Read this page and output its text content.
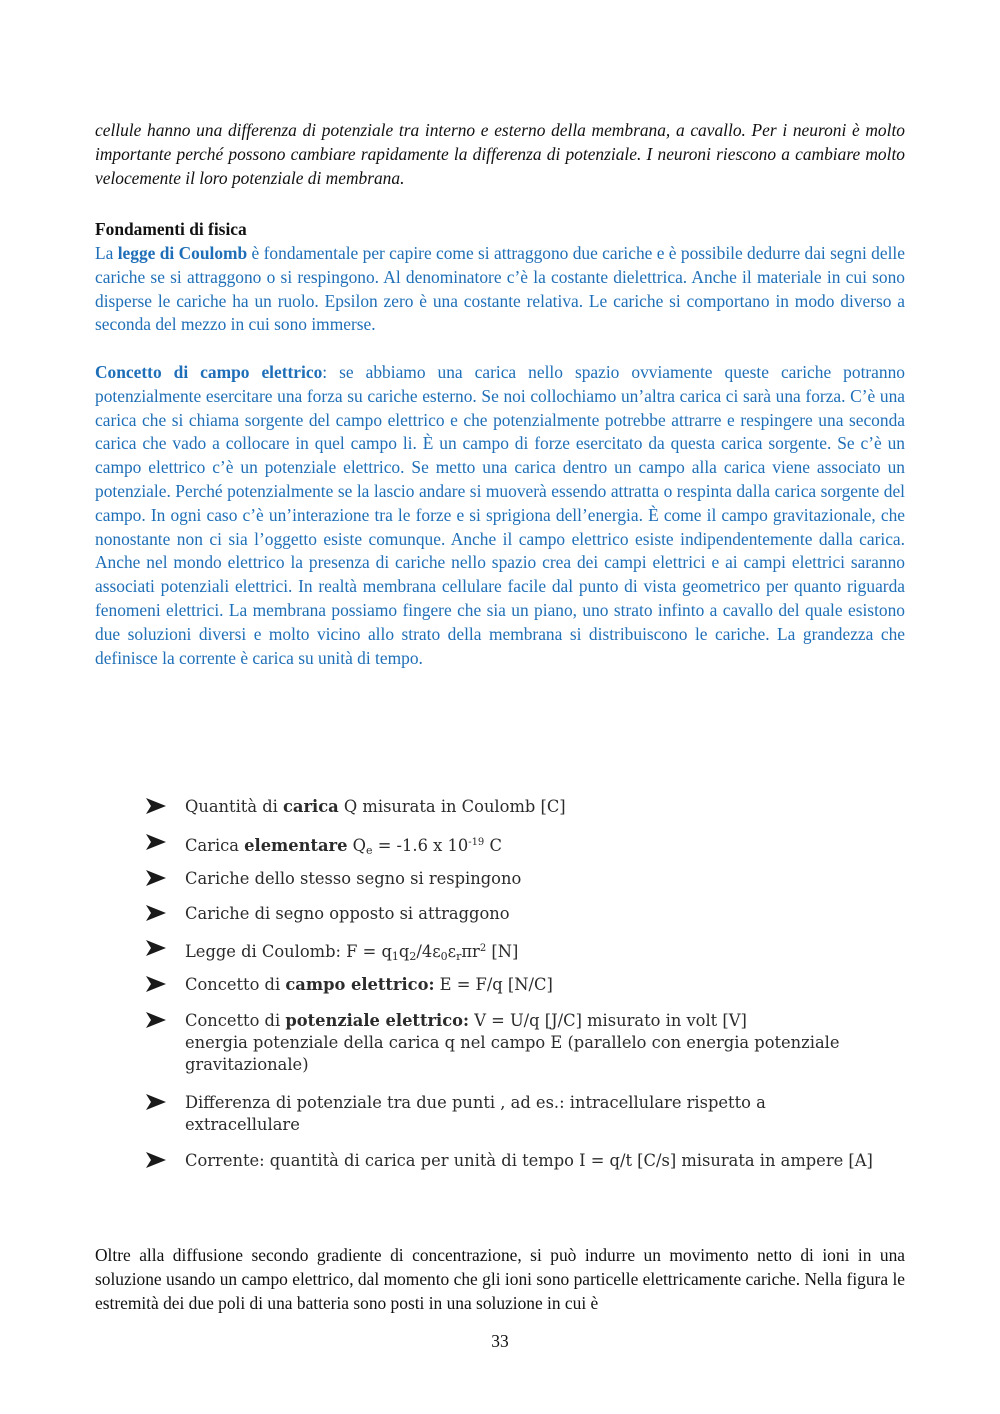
cellule hanno una differenza di potenziale tra interno e esterno della membrana, a cavallo. Per i neuroni è molto importante perché possono cambiare rapidamente la differenza di potenziale. I neuroni riescono a cambiare molto velocemente il loro potenziale di membrana.

Fondamenti di fisica

La legge di Coulomb è fondamentale per capire come si attraggono due cariche e è possibile dedurre dai segni delle cariche se si attraggono o si respingono. Al denominatore c’è la costante dielettrica. Anche il materiale in cui sono disperse le cariche ha un ruolo. Epsilon zero è una costante relativa. Le cariche si comportano in modo diverso a seconda del mezzo in cui sono immerse.

Concetto di campo elettrico: se abbiamo una carica nello spazio ovviamente queste cariche potranno potenzialmente esercitare una forza su cariche esterno. Se noi collochiamo un’altra carica ci sarà una forza. C’è una carica che si chiama sorgente del campo elettrico e che potenzialmente potrebbe attrarre e respingere una seconda carica che vado a collocare in quel campo li. È un campo di forze esercitato da questa carica sorgente. Se c’è un campo elettrico c’è un potenziale elettrico. Se metto una carica dentro un campo alla carica viene associato un potenziale. Perché potenzialmente se la lascio andare si muoverà essendo attratta o respinta dalla carica sorgente del campo. In ogni caso c’è un’interazione tra le forze e si sprigiona dell’energia. È come il campo gravitazionale, che nonostante non ci sia l’oggetto esiste comunque. Anche il campo elettrico esiste indipendentemente dalla carica. Anche nel mondo elettrico la presenza di cariche nello spazio crea dei campi elettrici e ai campi elettrici saranno associati potenziali elettrici. In realtà membrana cellulare facile dal punto di vista geometrico per quanto riguarda fenomeni elettrici. La membrana possiamo fingere che sia un piano, uno strato infinto a cavallo del quale esistono due soluzioni diversi e molto vicino allo strato della membrana si distribuiscono le cariche. La grandezza che definisce la corrente è carica su unità di tempo.

Quantità di carica Q misurata in Coulomb [C]
Carica elementare $Q_e = -1.6$ x $10^{-19}$ C
Cariche dello stesso segno si respingono
Cariche di segno opposto si attraggono
Legge di Coulomb: $F = q_1q_2/4\varepsilon_0\varepsilon_r\pi r^2$ [N]
Concetto di campo elettrico: E = F/q [N/C]
Concetto di potenziale elettrico: V = U/q [J/C] misurato in volt [V]
energia potenziale della carica q nel campo E (parallelo con energia potenziale gravitazionale)
Differenza di potenziale tra due punti , ad es.: intracellulare rispetto a extracellulare
Corrente: quantità di carica per unità di tempo I = q/t [C/s] misurata in ampere [A]

Oltre alla diffusione secondo gradiente di concentrazione, si può indurre un movimento netto di ioni in una soluzione usando un campo elettrico, dal momento che gli ioni sono particelle elettricamente cariche. Nella figura le estremità dei due poli di una batteria sono posti in una soluzione in cui è

33
